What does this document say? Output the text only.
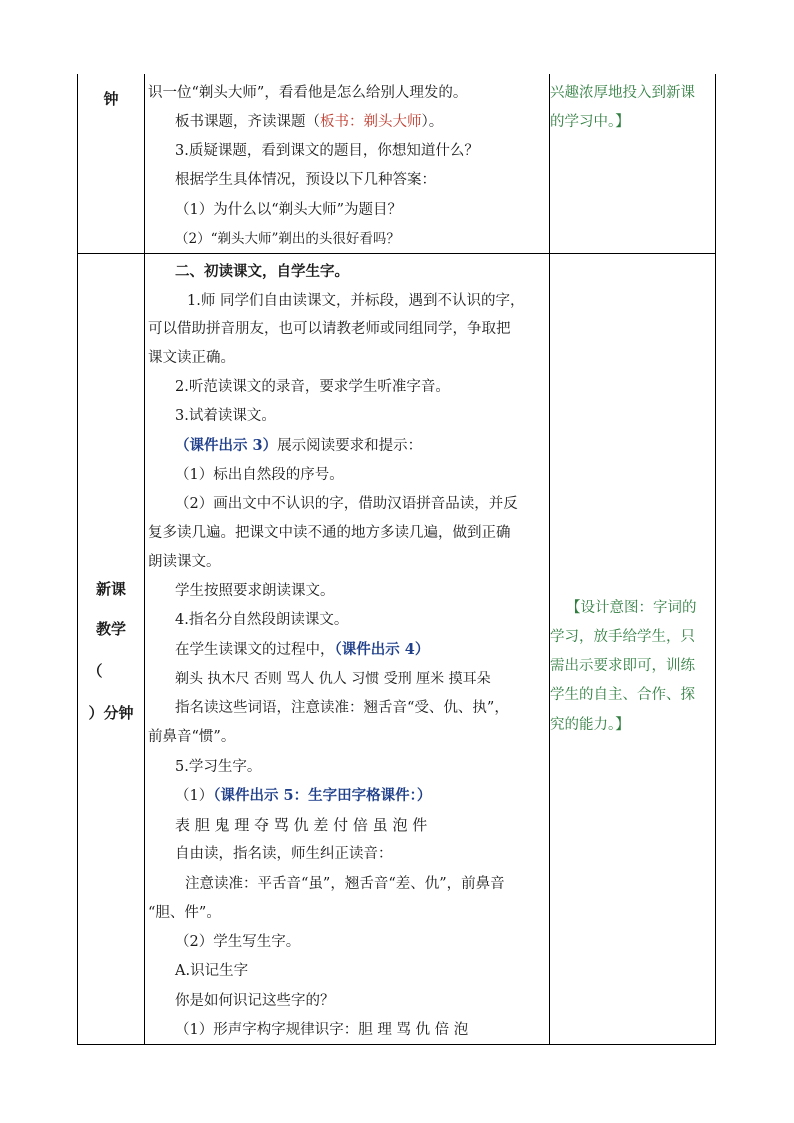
钟	识一位“剃头大师”，看看他是怎么给别人理发的。
板书课题，齐读课题（板书：剃头大师）。
3.质疑课题，看到课文的题目，你想知道什么？
根据学生具体情况，预设以下几种答案：
（1）为什么以“剃头大师”为题目？
（2）“剃头大师”剃出的头很好看吗？
兴趣浓厚地投入到新课
的学习中。】
新课
教学
（
）分钟
二、初读课文，自学生字。
1.师 同学们自由读课文，并标段，遇到不认识的字，
可以借助拼音朋友，也可以请教老师或同组同学，争取把
课文读正确。
2.听范读课文的录音，要求学生听准字音。
3.试着读课文。
（课件出示 3）展示阅读要求和提示：
（1）标出自然段的序号。
（2）画出文中不认识的字，借助汉语拼音品读，并反
复多读几遍。把课文中读不通的地方多读几遍，做到正确
朗读课文。
学生按照要求朗读课文。
4.指名分自然段朗读课文。
在学生读课文的过程中，（课件出示 4）
剃头 执木尺 否则 骂人 仇人 习惯 受刑 厘米 摸耳朵
指名读这些词语，注意读准：翘舌音“受、仇、执”，
前鼻音“惯”。
5.学习生字。
（1）（课件出示 5：生字田字格课件：）
表 胆 鬼 理 夺 骂 仇 差 付 倍 虽 泡 件
自由读，指名读，师生纠正读音：
注意读准：平舌音“虽”，翘舌音“差、仇”，前鼻音
“胆、件”。
（2）学生写生字。
A.识记生字
你是如何识记这些字的？
（1）形声字构字规律识字：胆 理 骂 仇 倍 泡
【设计意图：字词的
学习，放手给学生，只
需出示要求即可，训练
学生的自主、合作、探
究的能力。】
